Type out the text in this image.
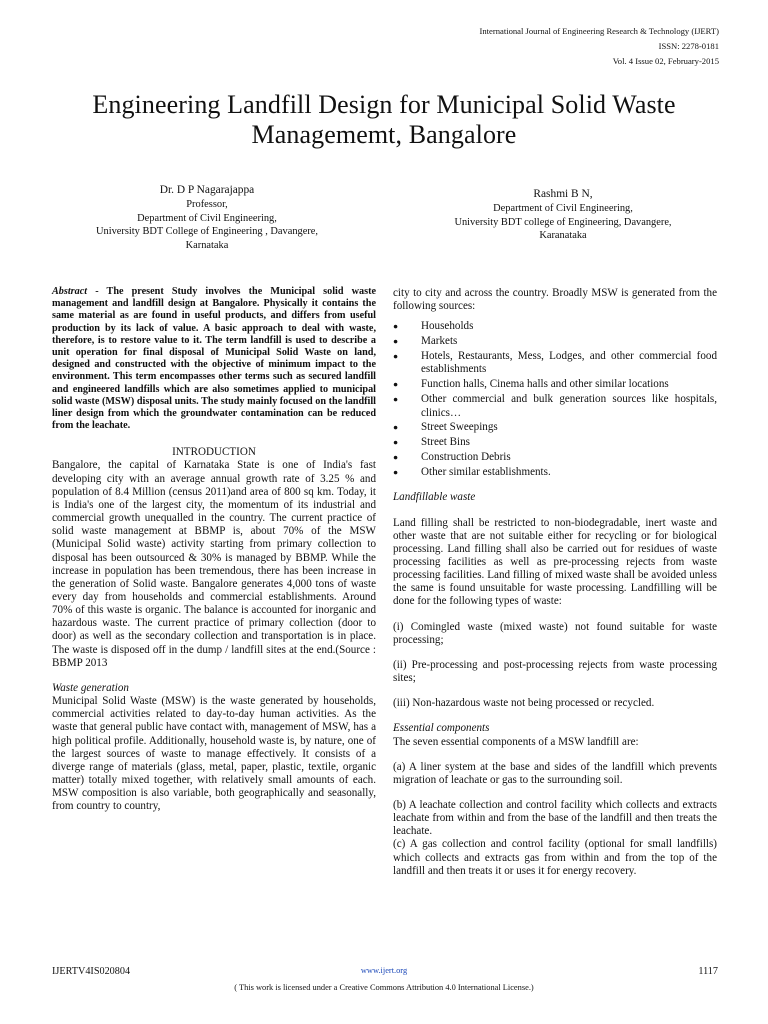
International Journal of Engineering Research & Technology (IJERT)
ISSN: 2278-0181
Vol. 4 Issue 02, February-2015
Engineering Landfill Design for Municipal Solid Waste Managememt, Bangalore
Dr. D P Nagarajappa
Professor,
Department of Civil Engineering,
University BDT College of Engineering , Davangere,
Karnataka
Rashmi B N,
Department of Civil Engineering,
University BDT college of Engineering, Davangere,
Karanataka

Abstract - The present Study involves the Municipal solid waste management and landfill design at Bangalore. Physically it contains the same material as are found in useful products, and differs from useful production by its lack of value. A basic approach to deal with waste, therefore, is to restore value to it. The term landfill is used to describe a unit operation for final disposal of Municipal Solid Waste on land, designed and constructed with the objective of minimum impact to the environment. This term encompasses other terms such as secured landfill and engineered landfills which are also sometimes applied to municipal solid waste (MSW) disposal units. The study mainly focused on the landfill liner design from which the groundwater contamination can be reduced from the leachate.

INTRODUCTION

Bangalore, the capital of Karnataka State is one of India's fast developing city with an average annual growth rate of 3.25 % and population of 8.4 Million (census 2011)and area of 800 sq km. Today, it is India's one of the largest city, the momentum of its industrial and commercial growth unequalled in the country. The current practice of solid waste management at BBMP is, about 70% of the MSW (Municipal Solid waste) activity starting from primary collection to disposal has been outsourced & 30% is managed by BBMP. While the increase in population has been tremendous, there has been increase in the generation of Solid waste. Bangalore generates 4,000 tons of waste every day from households and commercial establishments. Around 70% of this waste is organic. The balance is accounted for inorganic and hazardous waste. The current practice of primary collection (door to door) as well as the secondary collection and transportation is in place. The waste is disposed off in the dump / landfill sites at the end.(Source : BBMP 2013

Waste generation

Municipal Solid Waste (MSW) is the waste generated by households, commercial activities related to day-to-day human activities. As the waste that general public have contact with, management of MSW, has a high political profile. Additionally, household waste is, by nature, one of the largest sources of waste to manage effectively. It consists of a diverge range of materials (glass, metal, paper, plastic, textile, organic matter) totally mixed together, with relatively small amounts of each. MSW composition is also variable, both geographically and seasonally, from country to country,

city to city and across the country. Broadly MSW is generated from the following sources:

● Households
● Markets
● Hotels, Restaurants, Mess, Lodges, and other commercial food establishments
● Function halls, Cinema halls and other similar locations
● Other commercial and bulk generation sources like hospitals, clinics…
● Street Sweepings
● Street Bins
● Construction Debris
● Other similar establishments.

Landfillable waste

Land filling shall be restricted to non-biodegradable, inert waste and other waste that are not suitable either for recycling or for biological processing. Land filling shall also be carried out for residues of waste processing facilities as well as pre-processing rejects from waste processing facilities. Land filling of mixed waste shall be avoided unless the same is found unsuitable for waste processing. Landfilling will be done for the following types of waste:

(i) Comingled waste (mixed waste) not found suitable for waste processing;

(ii) Pre-processing and post-processing rejects from waste processing sites;

(iii) Non-hazardous waste not being processed or recycled.

Essential components

The seven essential components of a MSW landfill are:

(a) A liner system at the base and sides of the landfill which prevents migration of leachate or gas to the surrounding soil.

(b) A leachate collection and control facility which collects and extracts leachate from within and from the base of the landfill and then treats the leachate.

(c) A gas collection and control facility (optional for small landfills) which collects and extracts gas from within and from the top of the landfill and then treats it or uses it for energy recovery.

IJERTV4IS020804	www.ijert.org	1117
( This work is licensed under a Creative Commons Attribution 4.0 International License.)
